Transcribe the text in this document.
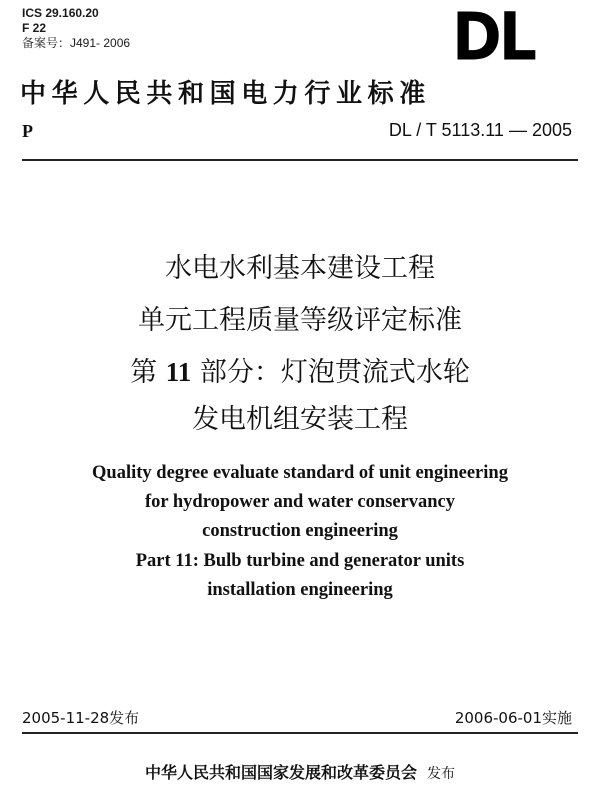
ICS 29.160.20
F 22
备案号：J491- 2006	DL
中华人民共和国电力行业标准
P	DL / T 5113.11 — 2005
水电水利基本建设工程
单元工程质量等级评定标准
第 11 部分：灯泡贯流式水轮
发电机组安装工程
Quality degree evaluate standard of unit engineering
for hydropower and water conservancy
construction engineering
Part 11: Bulb turbine and generator units
installation engineering
2005-11-28发布	2006-06-01实施
中华人民共和国国家发展和改革委员会 发布
